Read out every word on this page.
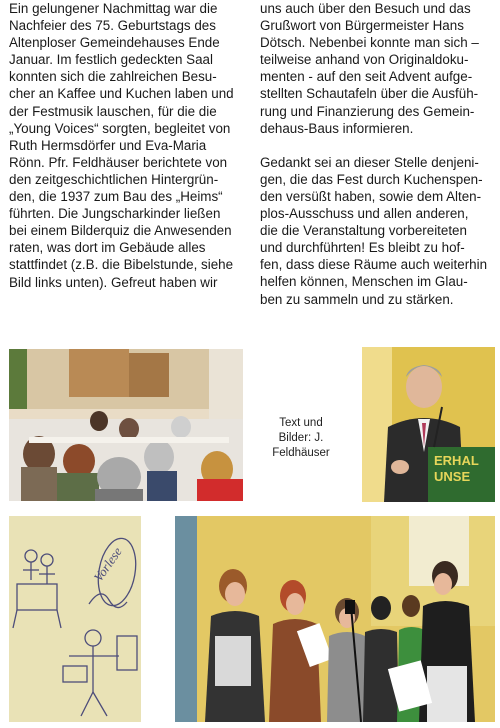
Ein gelungener Nachmittag war die
Nachfeier des 75. Geburtstags des
Altenploser Gemeindehauses Ende
Januar. Im festlich gedeckten Saal
konnten sich die zahlreichen Besu-
cher an Kaffee und Kuchen laben und
der Festmusik lauschen, für die die
„Young Voices“ sorgten, begleitet von
Ruth Hermsdörfer und Eva-Maria
Rönn. Pfr. Feldhäuser berichtete von
den zeitgeschichtlichen Hintergrün-
den, die 1937 zum Bau des „Heims“
führten. Die Jungscharkinder ließen
bei einem Bilderquiz die Anwesenden
raten, was dort im Gebäude alles
stattfindet (z.B. die Bibelstunde, siehe
Bild links unten). Gefreut haben wir
uns auch über den Besuch und das
Grußwort von Bürgermeister Hans
Dötsch. Nebenbei konnte man sich –
teilweise anhand von Originaldoku-
menten - auf den seit Advent aufge-
stellten Schautafeln über die Ausfüh-
rung und Finanzierung des Gemein-
dehaus-Baus informieren.
Gedankt sei an dieser Stelle denjeni-
gen, die das Fest durch Kuchenspen-
den versüßt haben, sowie dem Alten-
plos-Ausschuss und allen anderen,
die die Veranstaltung vorbereiteten
und durchführten! Es bleibt zu hof-
fen, dass diese Räume auch weiterhin
helfen können, Menschen im Glau-
ben zu sammeln und zu stärken.
Text und
Bilder: J.
Feldhäuser	ERHAL
UNSE
Vorlese
